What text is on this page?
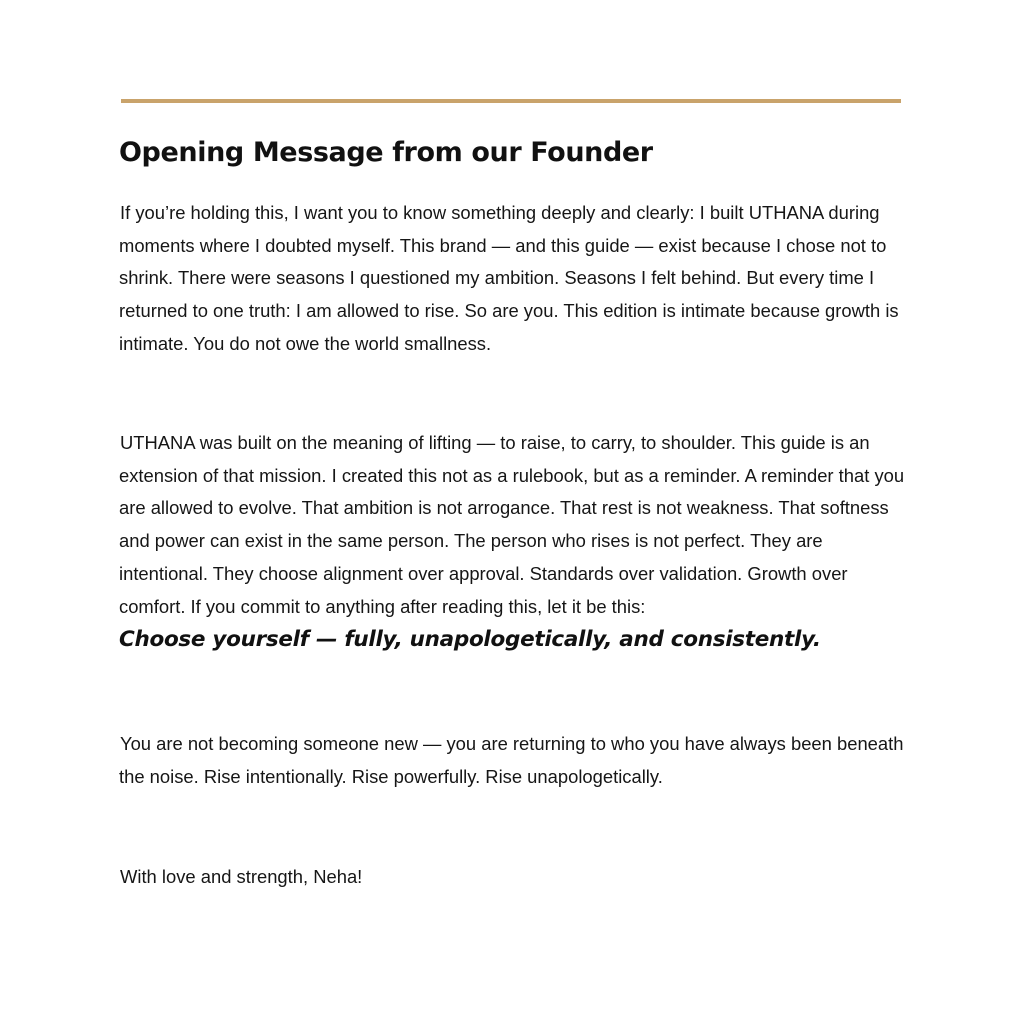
Opening Message from our Founder

If you’re holding this, I want you to know something deeply and clearly: I built UTHANA during moments where I doubted myself. This brand — and this guide — exist because I chose not to shrink. There were seasons I questioned my ambition. Seasons I felt behind. But every time I returned to one truth: I am allowed to rise. So are you. This edition is intimate because growth is intimate. You do not owe the world smallness.

UTHANA was built on the meaning of lifting — to raise, to carry, to shoulder. This guide is an extension of that mission. I created this not as a rulebook, but as a reminder. A reminder that you are allowed to evolve. That ambition is not arrogance. That rest is not weakness. That softness and power can exist in the same person. The person who rises is not perfect. They are intentional. They choose alignment over approval. Standards over validation. Growth over comfort. If you commit to anything after reading this, let it be this:

Choose yourself — fully, unapologetically, and consistently.

You are not becoming someone new — you are returning to who you have always been beneath the noise. Rise intentionally. Rise powerfully. Rise unapologetically.

With love and strength, Neha!
